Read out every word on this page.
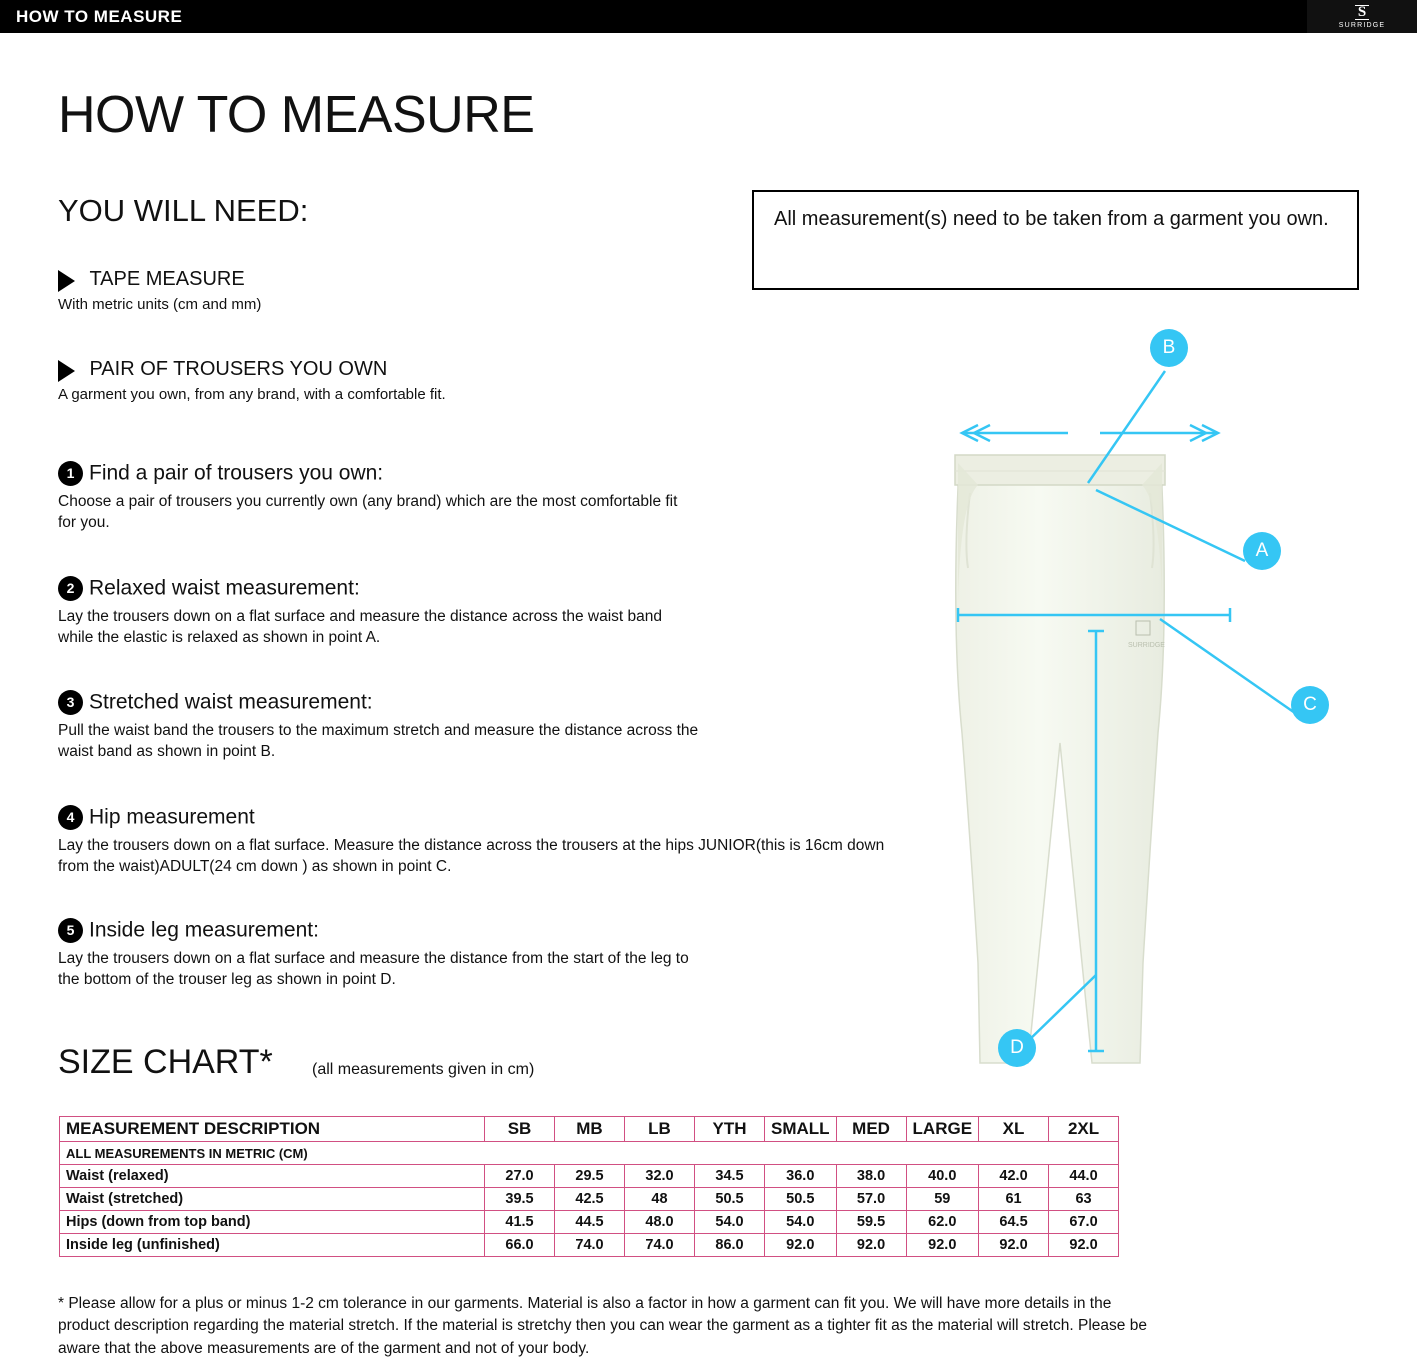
HOW TO MEASURE	S
SURRIDGE
HOW TO MEASURE
YOU WILL NEED:
TAPE MEASURE
With metric units (cm and mm)
PAIR OF TROUSERS YOU OWN
A garment you own, from any brand, with a comfortable fit.
All measurement(s) need to be taken from a garment you own.
1 Find a pair of trousers you own:
Choose a pair of trousers you currently own (any brand) which are the most comfortable fit for you.
2 Relaxed waist measurement:
Lay the trousers down on a flat surface and measure the distance across the waist band while the elastic is relaxed as shown in point A.
3 Stretched waist measurement:
Pull the waist band the trousers to the maximum stretch and measure the distance across the waist band as shown in point B.
4 Hip measurement
Lay the trousers down on a flat surface. Measure the distance across the trousers at the hips JUNIOR(this is 16cm down from the waist)ADULT(24 cm down ) as shown in point C.
5 Inside leg measurement:
Lay the trousers down on a flat surface and measure the distance from the start of the leg to the bottom of the trouser leg as shown in point D.
SURRIDGE
B
A
C
D
SIZE CHART* (all measurements given in cm)
MEASUREMENT DESCRIPTION	SB	MB	LB	YTH	SMALL	MED	LARGE	XL	2XL
ALL MEASUREMENTS IN METRIC (CM)									
Waist (relaxed)	27.0	29.5	32.0	34.5	36.0	38.0	40.0	42.0	44.0
Waist (stretched)	39.5	42.5	48	50.5	50.5	57.0	59	61	63
Hips (down from top band)	41.5	44.5	48.0	54.0	54.0	59.5	62.0	64.5	67.0
Inside leg (unfinished)	66.0	74.0	74.0	86.0	92.0	92.0	92.0	92.0	92.0
* Please allow for a plus or minus 1-2 cm tolerance in our garments. Material is also a factor in how a garment can fit you. We will have more details in the product description regarding the material stretch. If the material is stretchy then you can wear the garment as a tighter fit as the material will stretch. Please be aware that the above measurements are of the garment and not of your body.
